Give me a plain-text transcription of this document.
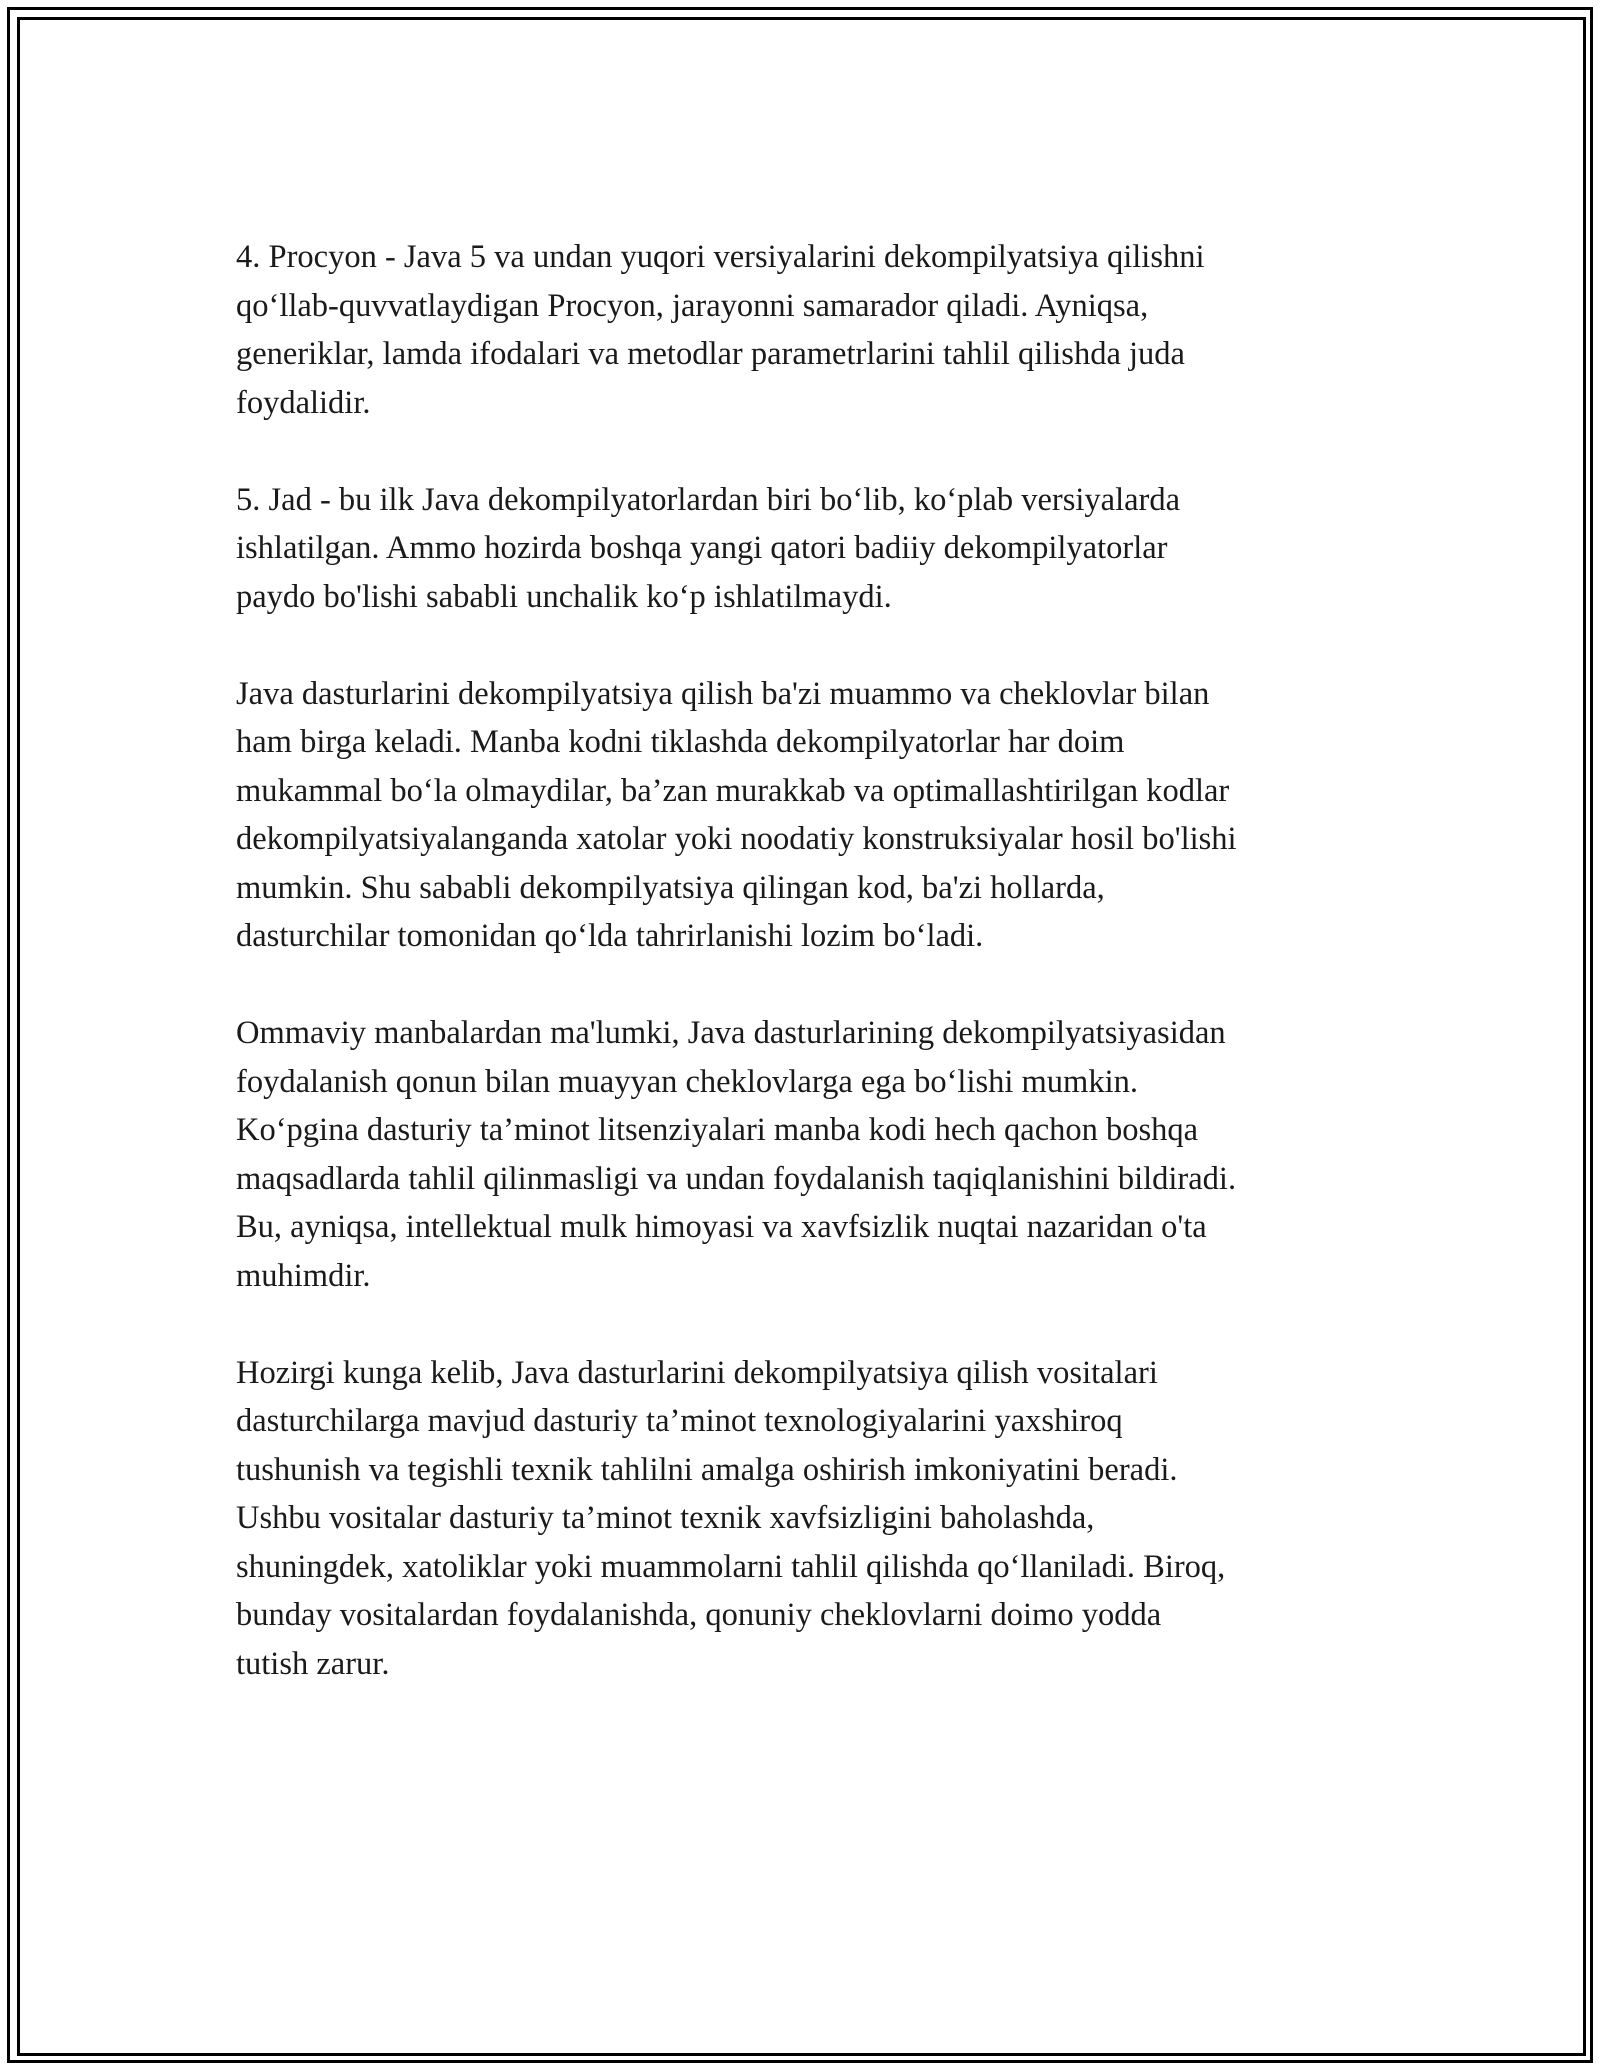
4. Procyon - Java 5 va undan yuqori versiyalarini dekompilyatsiya qilishni
qo‘llab-quvvatlaydigan Procyon, jarayonni samarador qiladi. Ayniqsa,
generiklar, lamda ifodalari va metodlar parametrlarini tahlil qilishda juda
foydalidir.

5. Jad - bu ilk Java dekompilyatorlardan biri bo‘lib, ko‘plab versiyalarda
ishlatilgan. Ammo hozirda boshqa yangi qatori badiiy dekompilyatorlar
paydo bo'lishi sababli unchalik ko‘p ishlatilmaydi.

Java dasturlarini dekompilyatsiya qilish ba'zi muammo va cheklovlar bilan
ham birga keladi. Manba kodni tiklashda dekompilyatorlar har doim
mukammal bo‘la olmaydilar, ba’zan murakkab va optimallashtirilgan kodlar
dekompilyatsiyalanganda xatolar yoki noodatiy konstruksiyalar hosil bo'lishi
mumkin. Shu sababli dekompilyatsiya qilingan kod, ba'zi hollarda,
dasturchilar tomonidan qo‘lda tahrirlanishi lozim bo‘ladi.

Ommaviy manbalardan ma'lumki, Java dasturlarining dekompilyatsiyasidan
foydalanish qonun bilan muayyan cheklovlarga ega bo‘lishi mumkin.
Ko‘pgina dasturiy ta’minot litsenziyalari manba kodi hech qachon boshqa
maqsadlarda tahlil qilinmasligi va undan foydalanish taqiqlanishini bildiradi.
Bu, ayniqsa, intellektual mulk himoyasi va xavfsizlik nuqtai nazaridan o'ta
muhimdir.

Hozirgi kunga kelib, Java dasturlarini dekompilyatsiya qilish vositalari
dasturchilarga mavjud dasturiy ta’minot texnologiyalarini yaxshiroq
tushunish va tegishli texnik tahlilni amalga oshirish imkoniyatini beradi.
Ushbu vositalar dasturiy ta’minot texnik xavfsizligini baholashda,
shuningdek, xatoliklar yoki muammolarni tahlil qilishda qo‘llaniladi. Biroq,
bunday vositalardan foydalanishda, qonuniy cheklovlarni doimo yodda
tutish zarur.
